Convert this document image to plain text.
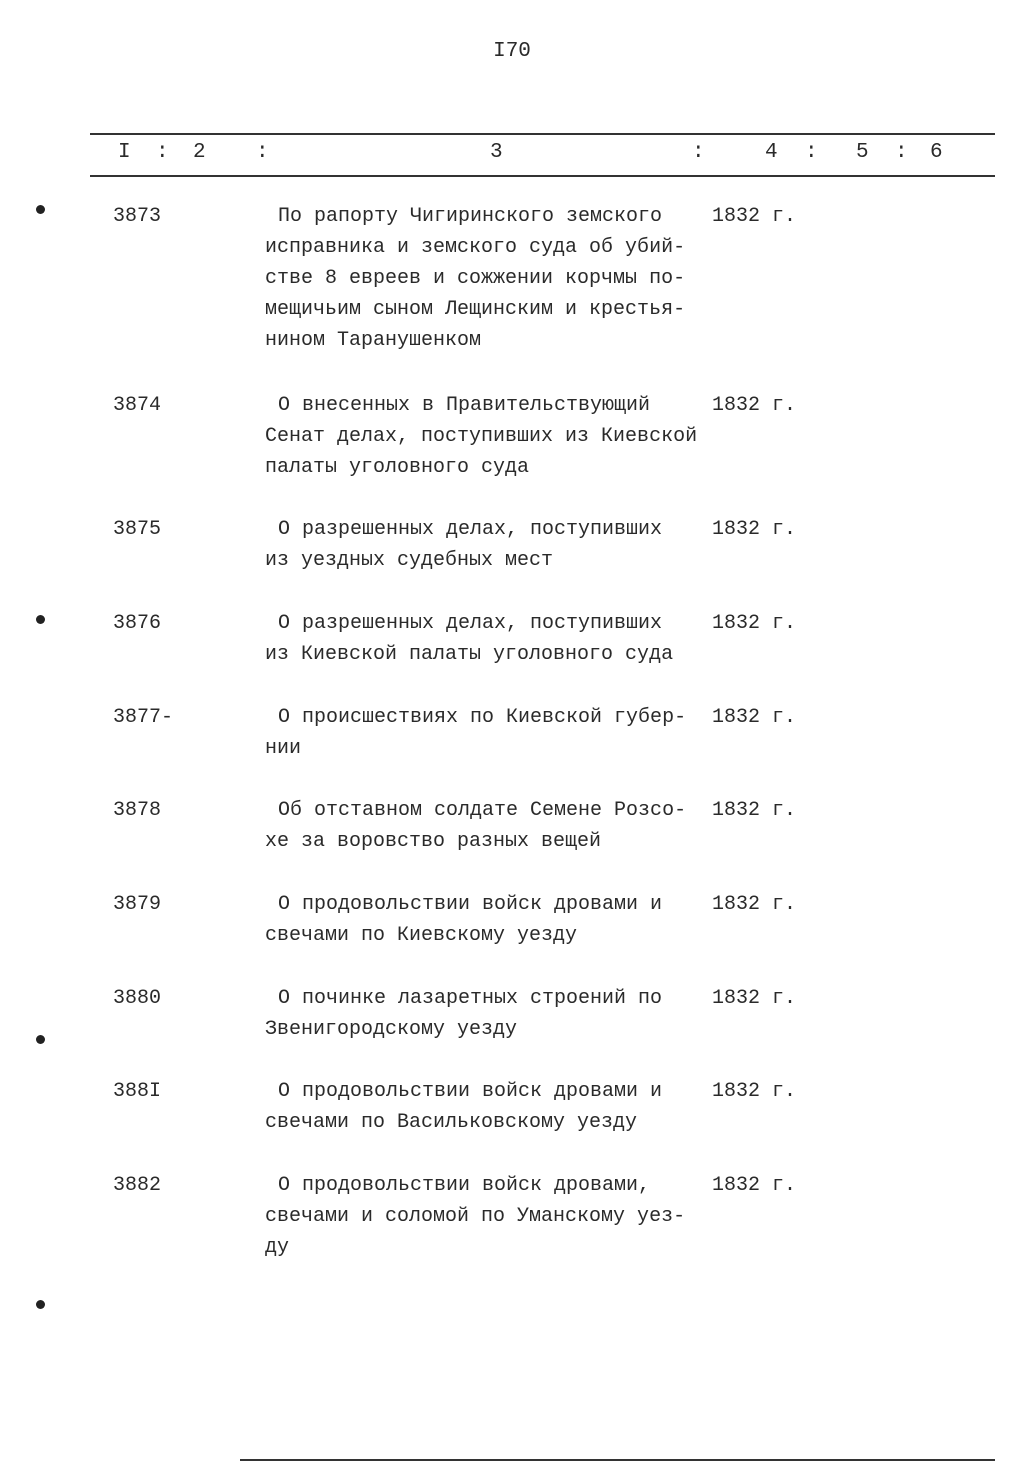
I70
I : 2 :	3	:	4 : 5 : 6
3873	По рапорту Чигиринского земского
исправника и земского суда об убий-
стве 8 евреев и сожжении корчмы по-
мещичьим сыном Лещинским и крестья-
нином Таранушенком
1832 г.
3874	О внесенных в Правительствующий
Сенат делах, поступивших из Киевской
палаты уголовного суда
1832 г.
3875	О разрешенных делах, поступивших
из уездных судебных мест
1832 г.
3876	О разрешенных делах, поступивших
из Киевской палаты уголовного суда
1832 г.
3877-	О происшествиях по Киевской губер-
нии
1832 г.
3878	Об отставном солдате Семене Розсо-
хе за воровство разных вещей
1832 г.
3879	О продовольствии войск дровами и
свечами по Киевскому уезду
1832 г.
3880	О починке лазаретных строений по
Звенигородскому уезду
1832 г.
388I	О продовольствии войск дровами и
свечами по Васильковскому уезду
1832 г.
3882	О продовольствии войск дровами,
свечами и соломой по Уманскому уез-
ду
1832 г.
